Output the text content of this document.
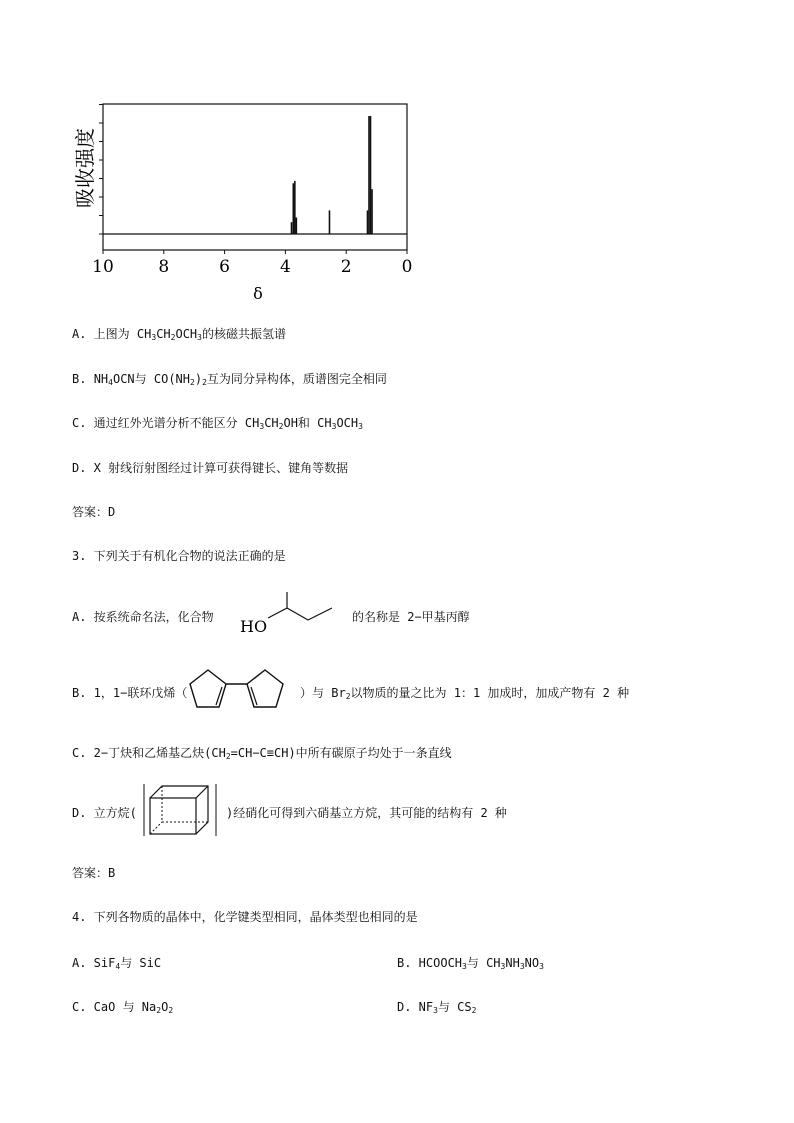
10	8	6	4	2	0
吸收强度
δ
A. 上图为 $CH_3CH_2OCH_3$的核磁共振氢谱
B. $NH_4OCN$与 $CO(NH_2)_2$互为同分异构体，质谱图完全相同
C. 通过红外光谱分析不能区分 $CH_3CH_2OH$和 $CH_3OCH_3$
D. X 射线衍射图经过计算可获得键长、键角等数据
答案：D
3. 下列关于有机化合物的说法正确的是
A. 按系统命名法，化合物 HO	的名称是 2−甲基丙醇
B. 1，1−联环戊烯（	）与 $Br_2$以物质的量之比为 1：1 加成时，加成产物有 2 种
C. 2−丁炔和乙烯基乙炔$(CH_2=CH-C\equiv CH)$中所有碳原子均处于一条直线
D. 立方烷(	)经硝化可得到六硝基立方烷，其可能的结构有 2 种
答案：B
4. 下列各物质的晶体中，化学键类型相同，晶体类型也相同的是
A. SiF$_4$与 SiC	B. $HCOOCH_3$与 $CH_3NH_3NO_3$
C. CaO 与 $Na_2O_2$	D. $NF_3$与 $CS_2$
